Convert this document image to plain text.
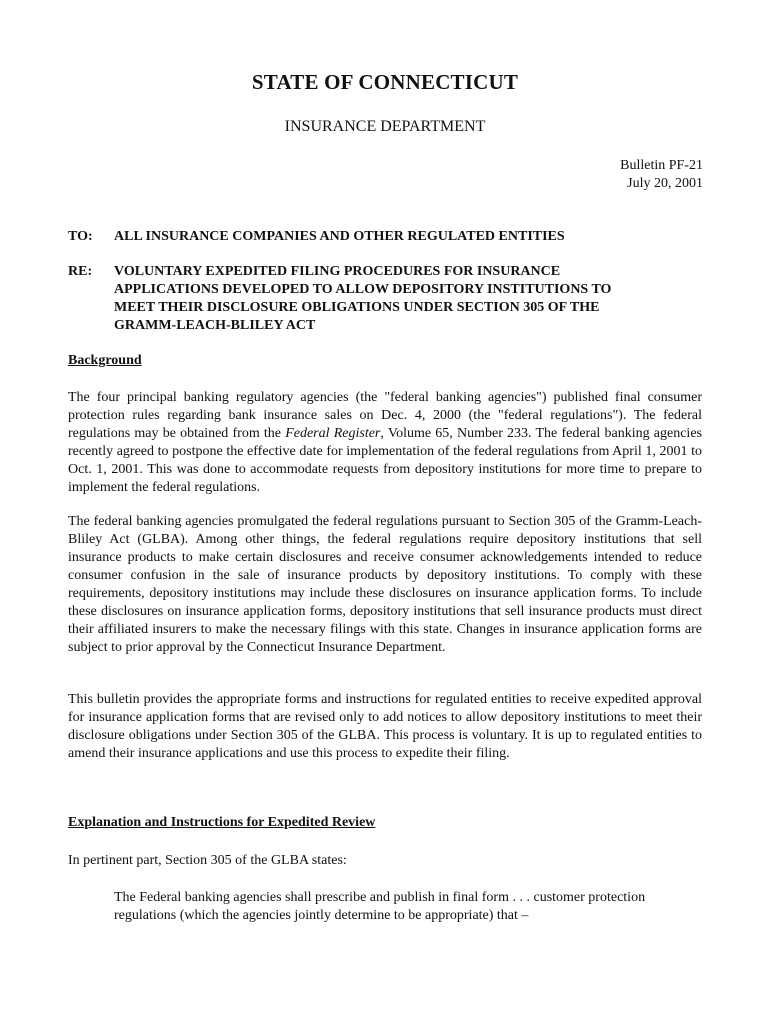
STATE OF CONNECTICUT
INSURANCE DEPARTMENT
Bulletin PF-21
July 20, 2001
TO:	ALL INSURANCE COMPANIES AND OTHER REGULATED ENTITIES
RE:	VOLUNTARY EXPEDITED FILING PROCEDURES FOR INSURANCE APPLICATIONS DEVELOPED TO ALLOW DEPOSITORY INSTITUTIONS TO MEET THEIR DISCLOSURE OBLIGATIONS UNDER SECTION 305 OF THE GRAMM-LEACH-BLILEY ACT
Background

The four principal banking regulatory agencies (the "federal banking agencies") published final consumer protection rules regarding bank insurance sales on Dec. 4, 2000 (the "federal regulations"). The federal regulations may be obtained from the Federal Register, Volume 65, Number 233. The federal banking agencies recently agreed to postpone the effective date for implementation of the federal regulations from April 1, 2001 to Oct. 1, 2001. This was done to accommodate requests from depository institutions for more time to prepare to implement the federal regulations.

The federal banking agencies promulgated the federal regulations pursuant to Section 305 of the Gramm-Leach-Bliley Act (GLBA). Among other things, the federal regulations require depository institutions that sell insurance products to make certain disclosures and receive consumer acknowledgements intended to reduce consumer confusion in the sale of insurance products by depository institutions. To comply with these requirements, depository institutions may include these disclosures on insurance application forms. To include these disclosures on insurance application forms, depository institutions that sell insurance products must direct their affiliated insurers to make the necessary filings with this state. Changes in insurance application forms are subject to prior approval by the Connecticut Insurance Department.

This bulletin provides the appropriate forms and instructions for regulated entities to receive expedited approval for insurance application forms that are revised only to add notices to allow depository institutions to meet their disclosure obligations under Section 305 of the GLBA. This process is voluntary. It is up to regulated entities to amend their insurance applications and use this process to expedite their filing.

Explanation and Instructions for Expedited Review

In pertinent part, Section 305 of the GLBA states:

The Federal banking agencies shall prescribe and publish in final form . . . customer protection regulations (which the agencies jointly determine to be appropriate) that –
